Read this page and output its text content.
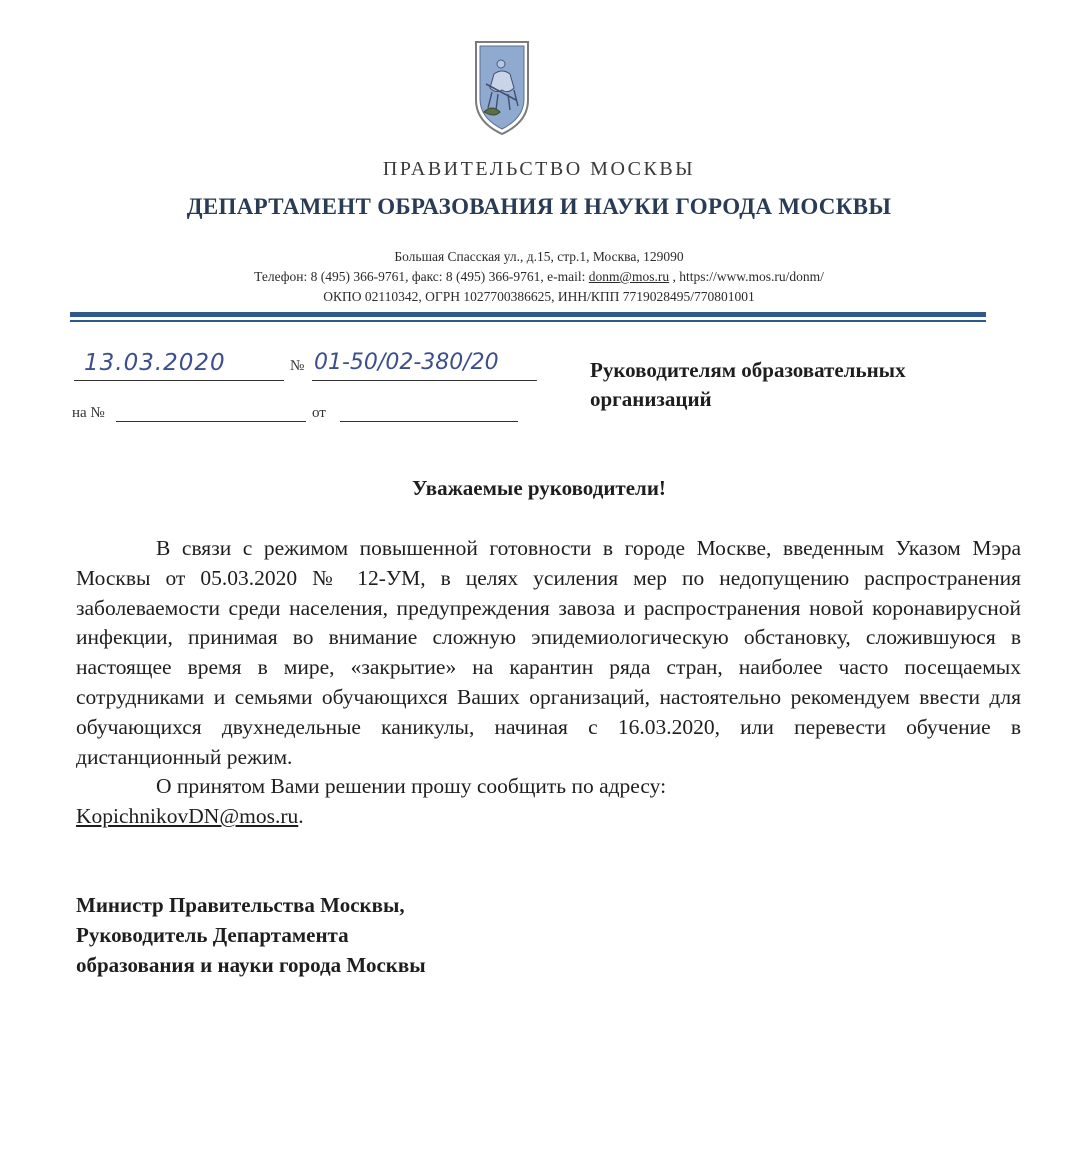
ПРАВИТЕЛЬСТВО МОСКВЫ
ДЕПАРТАМЕНТ ОБРАЗОВАНИЯ И НАУКИ ГОРОДА МОСКВЫ
Большая Спасская ул., д.15, стр.1, Москва, 129090
Телефон: 8 (495) 366-9761, факс: 8 (495) 366-9761, e-mail: donm@mos.ru , https://www.mos.ru/donm/
ОКПО 02110342, ОГРН 1027700386625, ИНН/КПП 7719028495/770801001
13.03.2020	№ 01-50/02-380/20
на №	от
Руководителям образовательных
организаций
Уважаемые руководители!

В связи с режимом повышенной готовности в городе Москве, введенным Указом Мэра Москвы от 05.03.2020 № 12-УМ, в целях усиления мер по недопущению распространения заболеваемости среди населения, предупреждения завоза и распространения новой коронавирусной инфекции, принимая во внимание сложную эпидемиологическую обстановку, сложившуюся в настоящее время в мире, «закрытие» на карантин ряда стран, наиболее часто посещаемых сотрудниками и семьями обучающихся Ваших организаций, настоятельно рекомендуем ввести для обучающихся двухнедельные каникулы, начиная с 16.03.2020, или перевести обучение в дистанционный режим.

О принятом Вами решении прошу сообщить по адресу:

KopichnikovDN@mos.ru.

Министр Правительства Москвы,
Руководитель Департамента
образования и науки города Москвы
